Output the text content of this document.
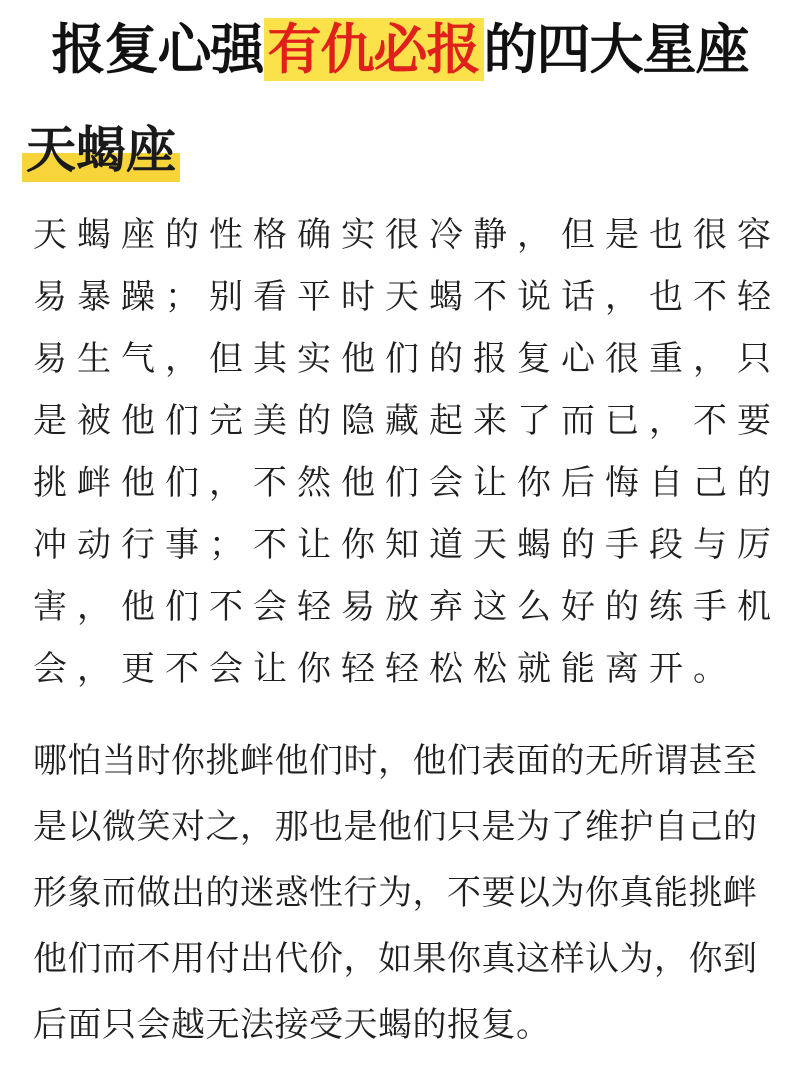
报复心强有仇必报的四大星座
天蝎座
天蝎座的性格确实很冷静，但是也很容
易暴躁；别看平时天蝎不说话，也不轻
易生气，但其实他们的报复心很重，只
是被他们完美的隐藏起来了而已，不要
挑衅他们，不然他们会让你后悔自己的
冲动行事；不让你知道天蝎的手段与厉
害，他们不会轻易放弃这么好的练手机
会，更不会让你轻轻松松就能离开。
哪怕当时你挑衅他们时，他们表面的无所谓甚至
是以微笑对之，那也是他们只是为了维护自己的
形象而做出的迷惑性行为，不要以为你真能挑衅
他们而不用付出代价，如果你真这样认为，你到
后面只会越无法接受天蝎的报复。
